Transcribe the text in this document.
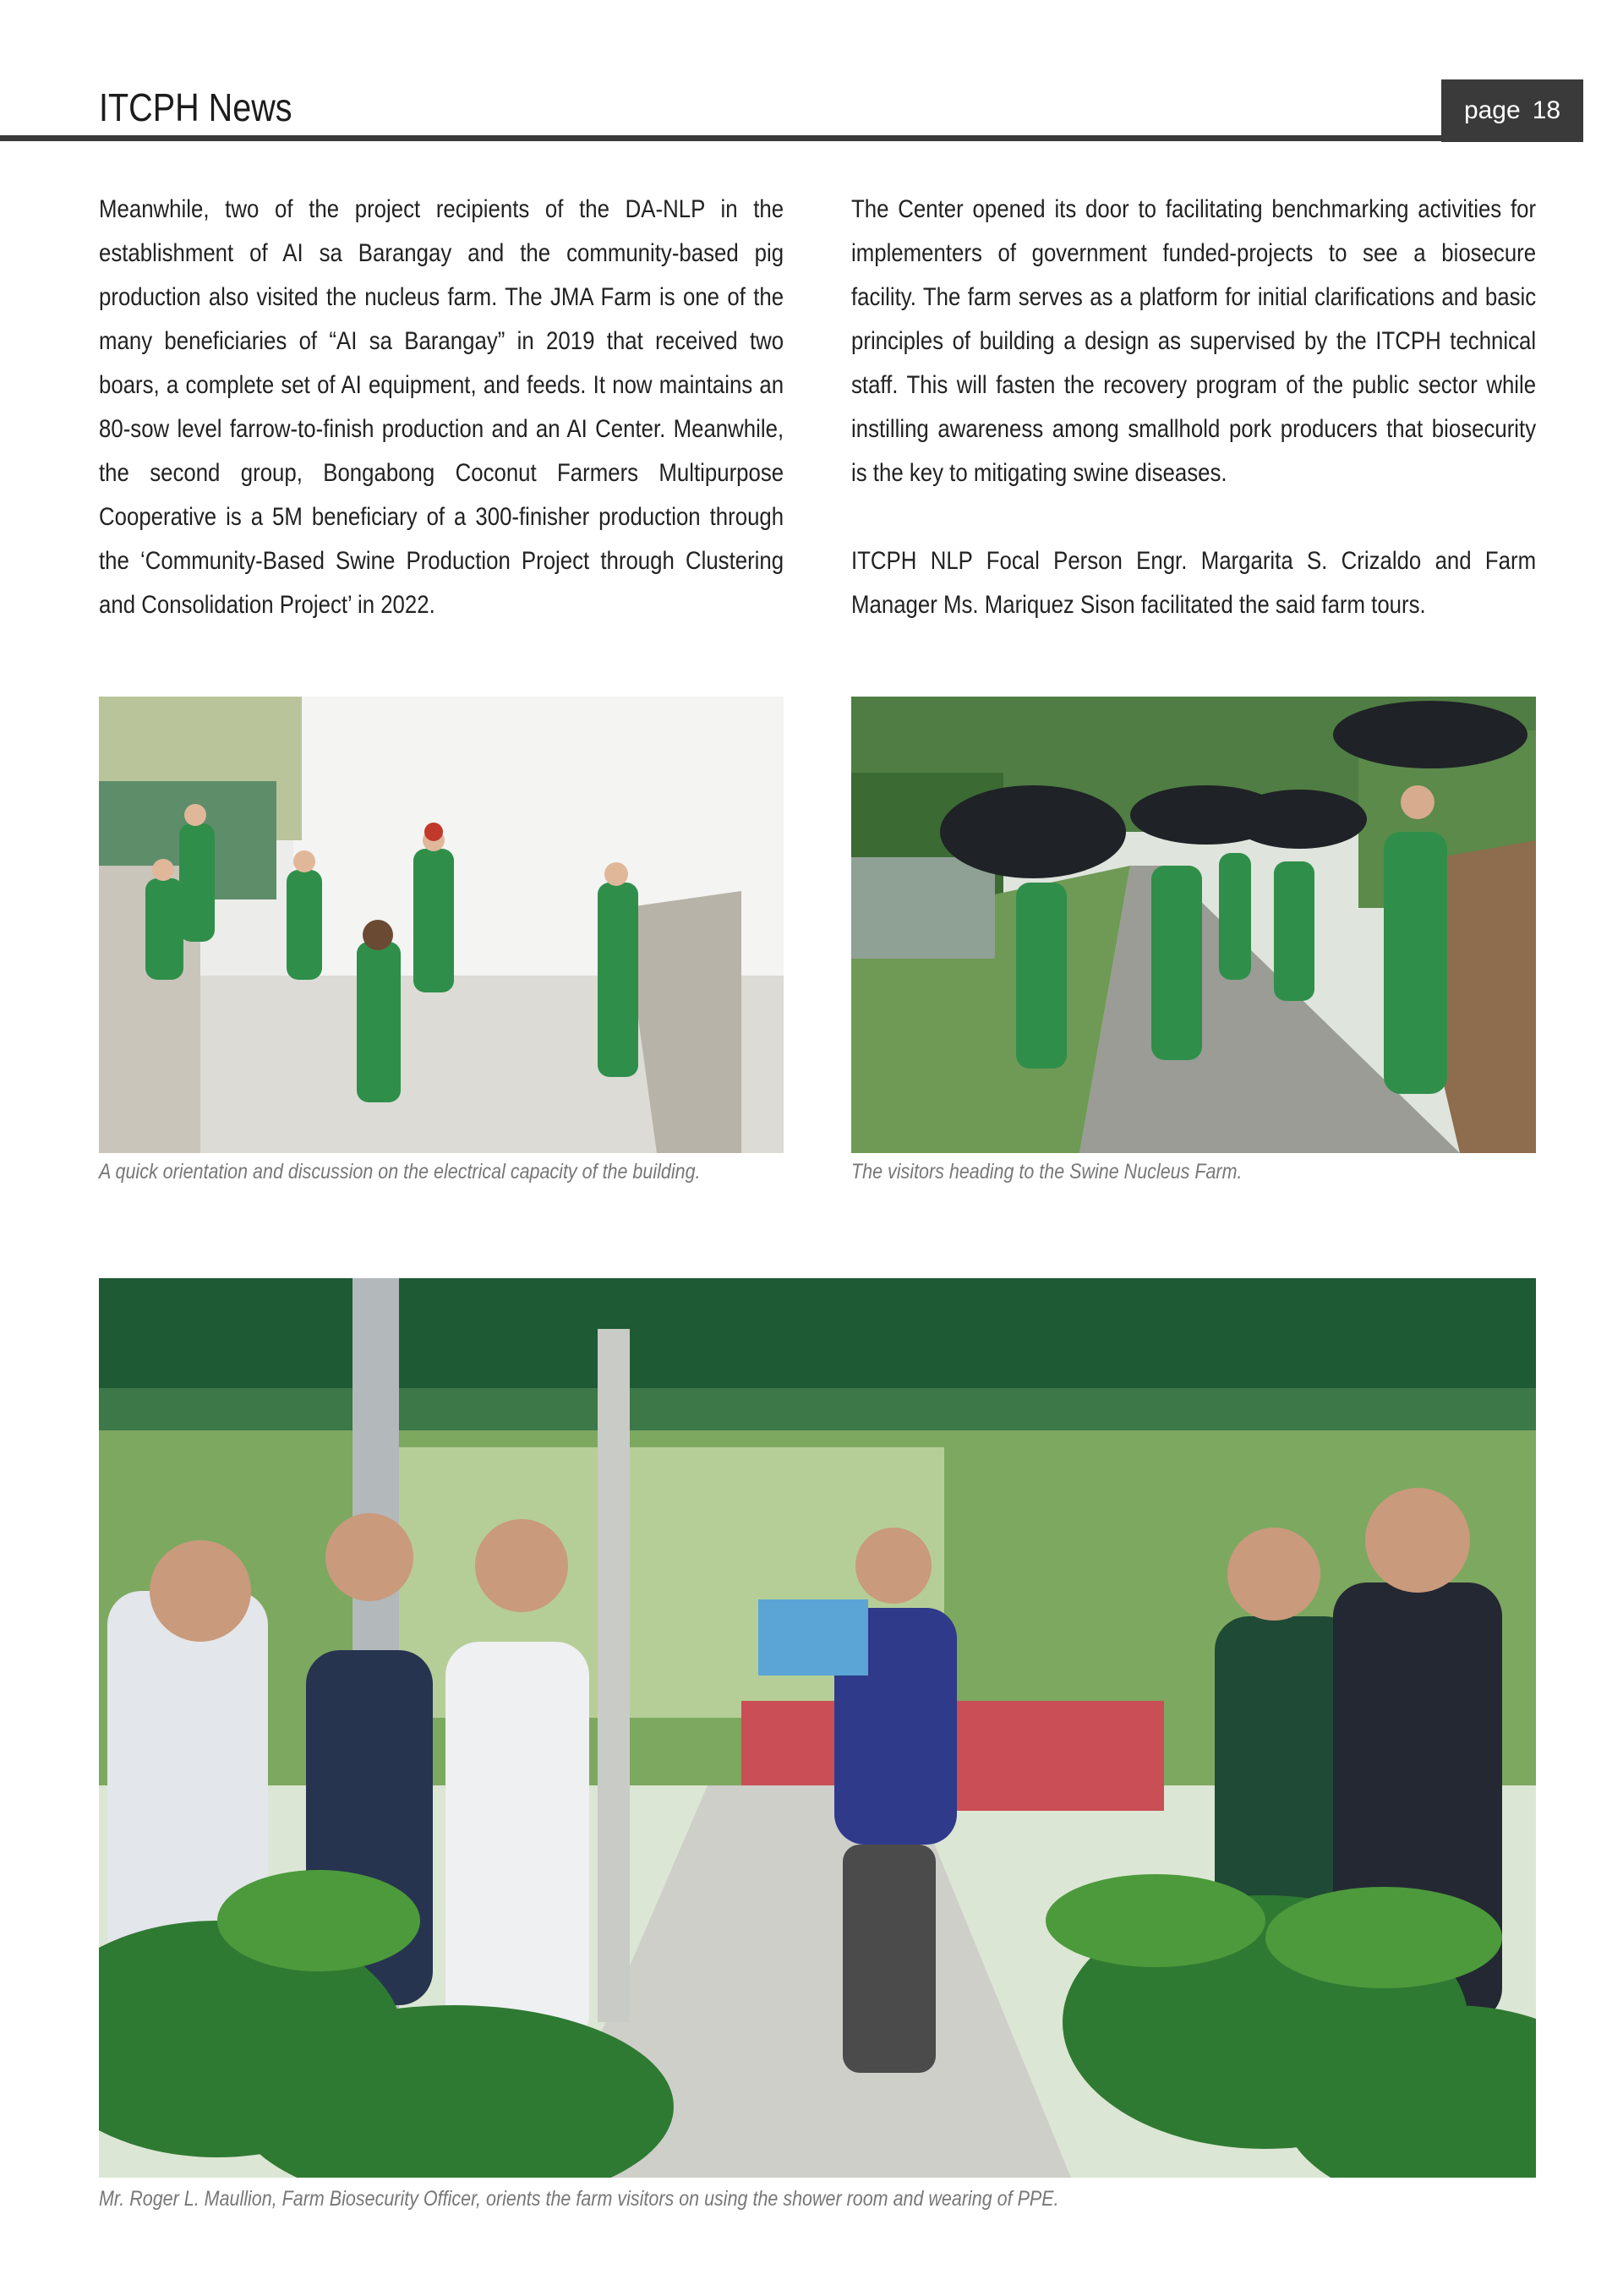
ITCPH News	page 18

Meanwhile, two of the project recipients of the DA-NLP in the establishment of AI sa Barangay and the community-based pig production also visited the nucleus farm. The JMA Farm is one of the many beneficiaries of “AI sa Barangay” in 2019 that received two boars, a complete set of AI equipment, and feeds. It now maintains an 80-sow level farrow-to-finish production and an AI Center. Meanwhile, the second group, Bongabong Coconut Farmers Multipurpose Cooperative is a 5M beneficiary of a 300-finisher production through the ‘Community-Based Swine Production Project through Clustering and Consolidation Project’ in 2022.

The Center opened its door to facilitating benchmarking activities for implementers of government funded-projects to see a biosecure facility. The farm serves as a platform for initial clarifications and basic principles of building a design as supervised by the ITCPH technical staff. This will fasten the recovery program of the public sector while instilling awareness among smallhold pork producers that biosecurity is the key to mitigating swine diseases.

ITCPH NLP Focal Person Engr. Margarita S. Crizaldo and Farm Manager Ms. Mariquez Sison facilitated the said farm tours.

A quick orientation and discussion on the electrical capacity of the building.	The visitors heading to the Swine Nucleus Farm.
Mr. Roger L. Maullion, Farm Biosecurity Officer, orients the farm visitors on using the shower room and wearing of PPE.
